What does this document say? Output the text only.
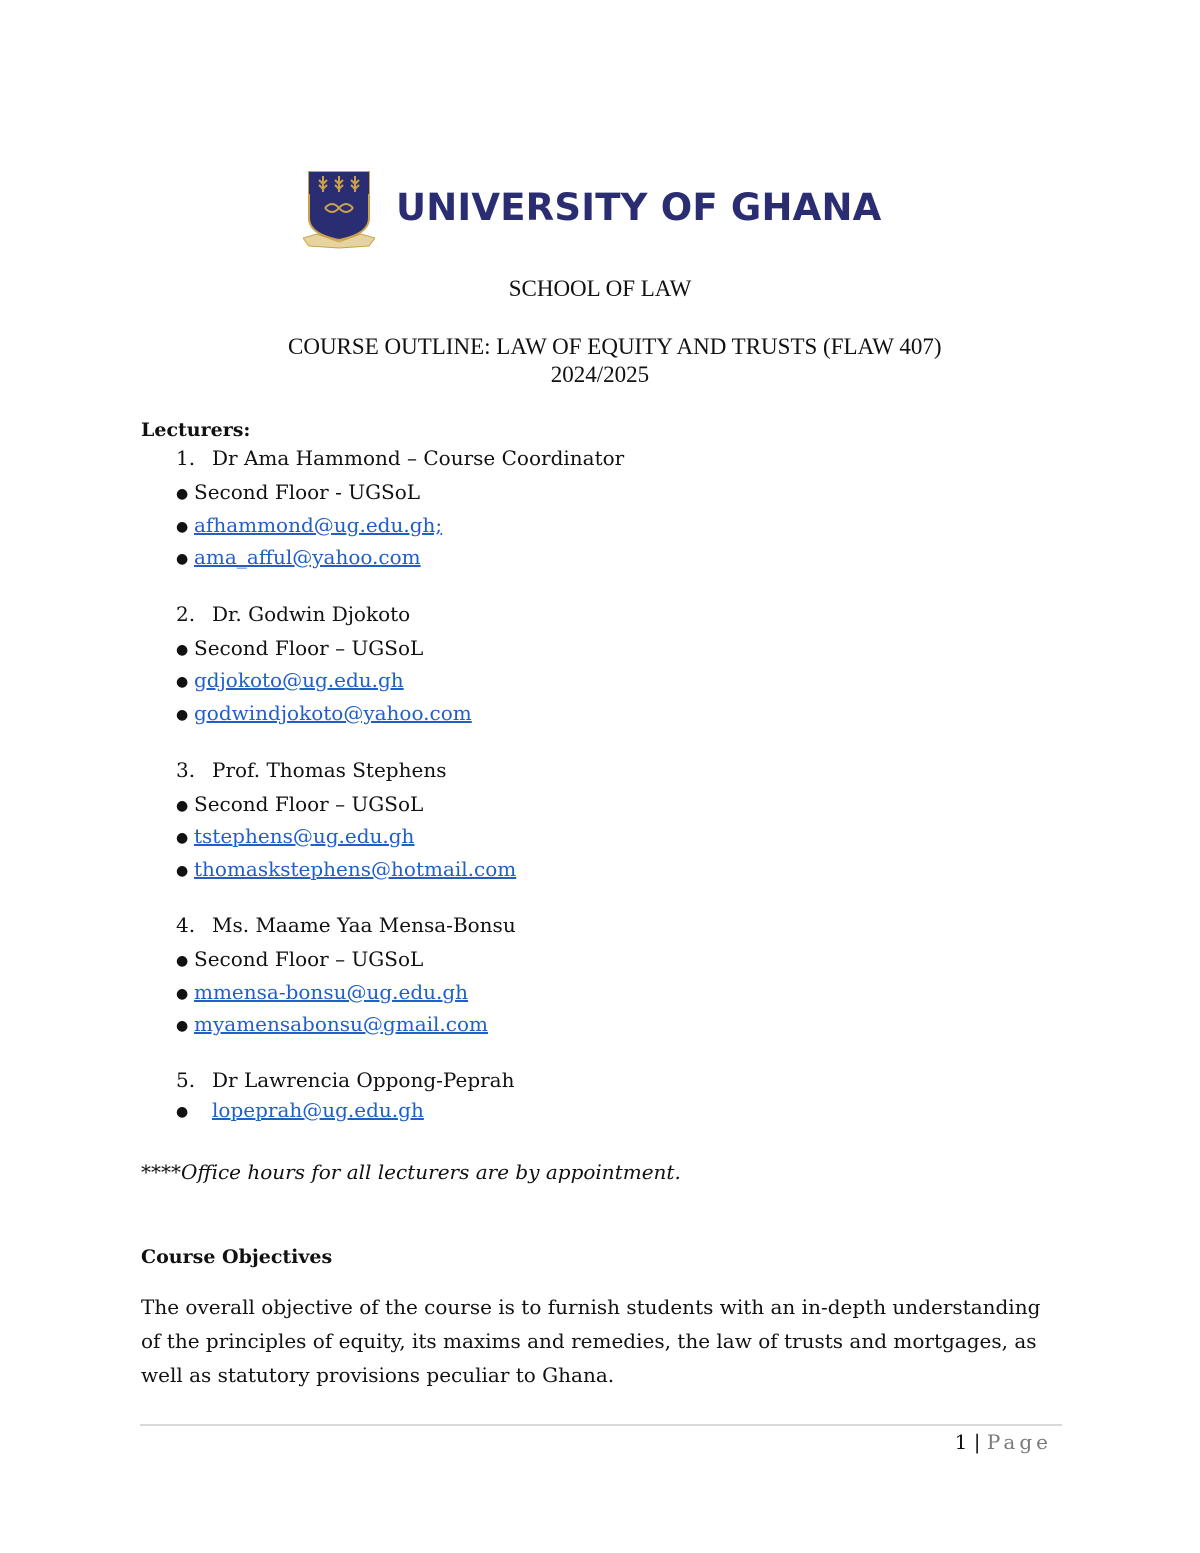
UNIVERSITY OF GHANA
SCHOOL OF LAW
COURSE OUTLINE: LAW OF EQUITY AND TRUSTS (FLAW 407)
2024/2025
Lecturers:
1. Dr Ama Hammond – Course Coordinator
● Second Floor - UGSoL
● afhammond@ug.edu.gh;
● ama_afful@yahoo.com
2. Dr. Godwin Djokoto
● Second Floor – UGSoL
● gdjokoto@ug.edu.gh
● godwindjokoto@yahoo.com
3. Prof. Thomas Stephens
● Second Floor – UGSoL
● tstephens@ug.edu.gh
● thomaskstephens@hotmail.com
4. Ms. Maame Yaa Mensa-Bonsu
● Second Floor – UGSoL
● mmensa-bonsu@ug.edu.gh
● myamensabonsu@gmail.com
5. Dr Lawrencia Oppong-Peprah
● lopeprah@ug.edu.gh
****Office hours for all lecturers are by appointment.
Course Objectives
The overall objective of the course is to furnish students with an in-depth understanding of the principles of equity, its maxims and remedies, the law of trusts and mortgages, as well as statutory provisions peculiar to Ghana.
1 | Page
